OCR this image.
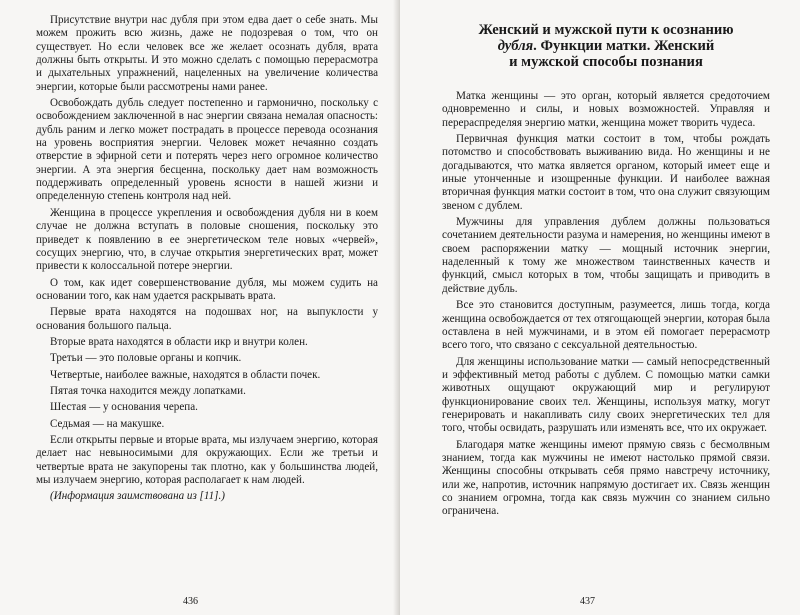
Присутствие внутри нас дубля при этом едва дает о себе знать. Мы можем прожить всю жизнь, даже не подозревая о том, что он существует. Но если человек все же желает осознать дубля, врата должны быть открыты. И это можно сделать с помощью перерасмотра и дыхательных упражнений, нацеленных на увеличение количества энергии, которые были рассмотрены нами ранее.

Освобождать дубль следует постепенно и гармонично, поскольку с освобождением заключенной в нас энергии связана немалая опасность: дубль раним и легко может пострадать в процессе перевода осознания на уровень восприятия энергии. Человек может нечаянно создать отверстие в эфирной сети и потерять через него огромное количество энергии. А эта энергия бесценна, поскольку дает нам возможность поддерживать определенный уровень ясности в нашей жизни и определенную степень контроля над ней.

Женщина в процессе укрепления и освобождения дубля ни в коем случае не должна вступать в половые сношения, поскольку это приведет к появлению в ее энергетическом теле новых «червей», сосущих энергию, что, в случае открытия энергетических врат, может привести к колоссальной потере энергии.

О том, как идет совершенствование дубля, мы можем судить на основании того, как нам удается раскрывать врата.

Первые врата находятся на подошвах ног, на выпуклости у основания большого пальца.

Вторые врата находятся в области икр и внутри колен.

Третьи — это половые органы и копчик.

Четвертые, наиболее важные, находятся в области почек.

Пятая точка находится между лопатками.

Шестая — у основания черепа.

Седьмая — на макушке.

Если открыты первые и вторые врата, мы излучаем энергию, которая делает нас невыносимыми для окружающих. Если же третьи и четвертые врата не закупорены так плотно, как у большинства людей, мы излучаем энергию, которая располагает к нам людей.

(Информация заимствована из [11].)

436
Женский и мужской пути к осознанию
дубля. Функции матки. Женский
и мужской способы познания

Матка женщины — это орган, который является средоточием одновременно и силы, и новых возможностей. Управляя и перераспределяя энергию матки, женщина может творить чудеса.

Первичная функция матки состоит в том, чтобы рождать потомство и способствовать выживанию вида. Но женщины и не догадываются, что матка является органом, который имеет еще и иные утонченные и изощренные функции. И наиболее важная вторичная функция матки состоит в том, что она служит связующим звеном с дублем.

Мужчины для управления дублем должны пользоваться сочетанием деятельности разума и намерения, но женщины имеют в своем распоряжении матку — мощный источник энергии, наделенный к тому же множеством таинственных качеств и функций, смысл которых в том, чтобы защищать и приводить в действие дубль.

Все это становится доступным, разумеется, лишь тогда, когда женщина освобождается от тех отягощающей энергии, которая была оставлена в ней мужчинами, и в этом ей помогает перерасмотр всего того, что связано с сексуальной деятельностью.

Для женщины использование матки — самый непосредственный и эффективный метод работы с дублем. С помощью матки самки животных ощущают окружающий мир и регулируют функционирование своих тел. Женщины, используя матку, могут генерировать и накапливать силу своих энергетических тел для того, чтобы освидать, разрушать или изменять все, что их окружает.

Благодаря матке женщины имеют прямую связь с бесмолвным знанием, тогда как мужчины не имеют настолько прямой связи. Женщины способны открывать себя прямо навстречу источнику, или же, напротив, источник напрямую достигает их. Связь женщин со знанием огромна, тогда как связь мужчин со знанием сильно ограничена.

437
